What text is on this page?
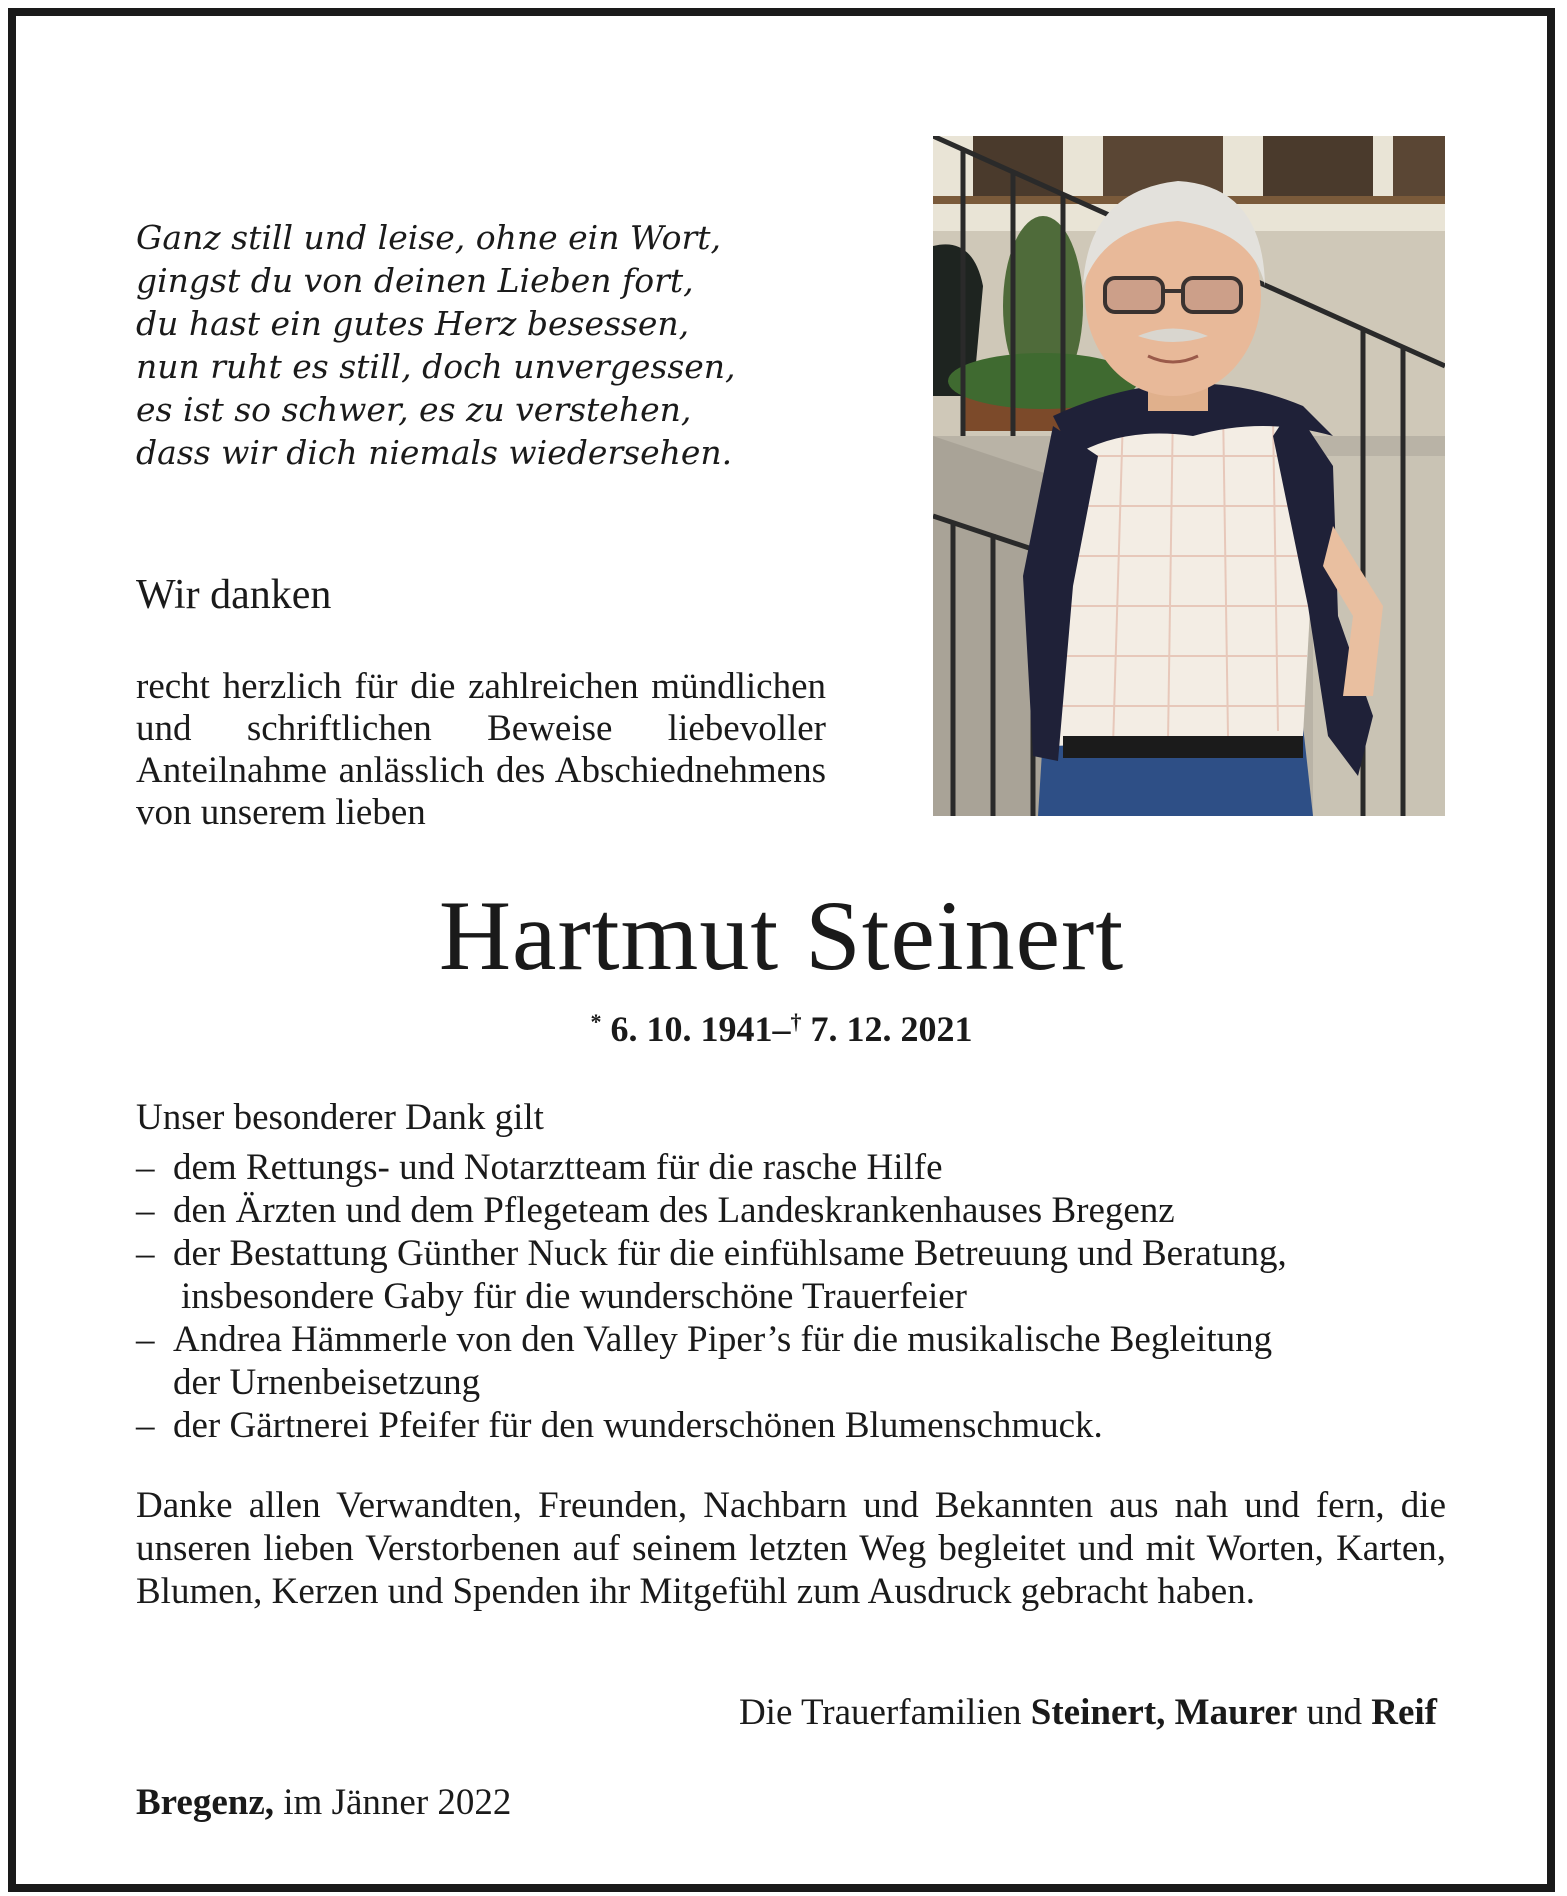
Ganz still und leise, ohne ein Wort,
gingst du von deinen Lieben fort,
du hast ein gutes Herz besessen,
nun ruht es still, doch unvergessen,
es ist so schwer, es zu verstehen,
dass wir dich niemals wiedersehen.
Wir danken
recht herzlich für die zahlreichen mündlichen und schriftlichen Beweise liebevoller Anteilnahme anlässlich des Abschiednehmens von unserem lieben
Hartmut Steinert
* 6. 10. 1941–† 7. 12. 2021
Unser besonderer Dank gilt
– dem Rettungs- und Notarztteam für die rasche Hilfe
– den Ärzten und dem Pflegeteam des Landeskrankenhauses Bregenz
– der Bestattung Günther Nuck für die einfühlsame Betreuung und Beratung,
insbesondere Gaby für die wunderschöne Trauerfeier
– Andrea Hämmerle von den Valley Piper’s für die musikalische Begleitung
der Urnenbeisetzung
– der Gärtnerei Pfeifer für den wunderschönen Blumenschmuck.
Danke allen Verwandten, Freunden, Nachbarn und Bekannten aus nah und fern, die unseren lieben Verstorbenen auf seinem letzten Weg begleitet und mit Worten, Karten, Blumen, Kerzen und Spenden ihr Mitgefühl zum Ausdruck gebracht haben.
Die Trauerfamilien Steinert, Maurer und Reif
Bregenz, im Jänner 2022
